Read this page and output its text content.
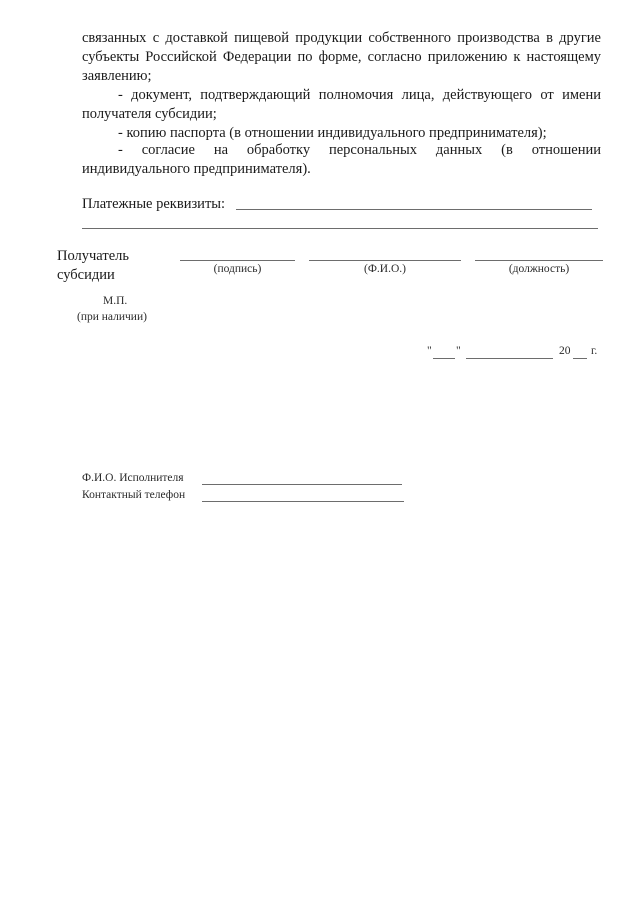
связанных с доставкой пищевой продукции собственного производства в другие
субъекты Российской Федерации по форме, согласно приложению к настоящему
заявлению;
- документ, подтверждающий полномочия лица, действующего от имени
получателя субсидии;
- копию паспорта (в отношении индивидуального предпринимателя);
- согласие на обработку персональных данных (в отношении
индивидуального предпринимателя).
Платежные реквизиты:
Получатель
субсидии	(подпись)	(Ф.И.О.)	(должность)
М.П.
(при наличии)
" "	20 г.
Ф.И.О. Исполнителя
Контактный телефон
